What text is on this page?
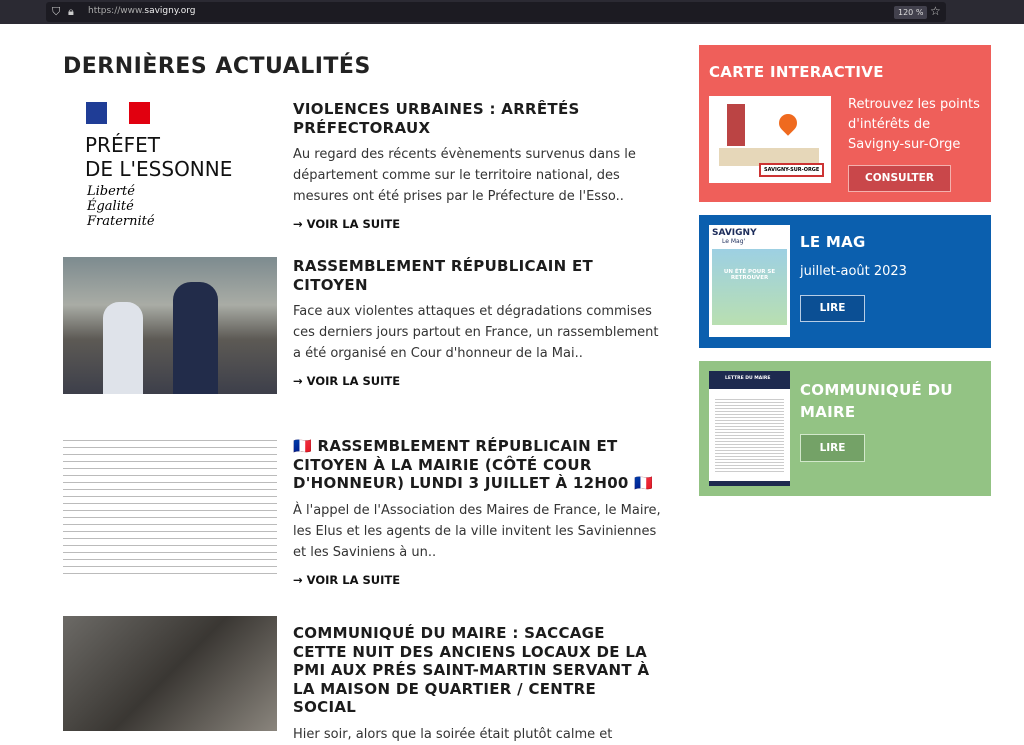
⛉ 🔒︎ https://www.savigny.org	120 % ☆
DERNIÈRES ACTUALITÉS
PRÉFET
DE L'ESSONNE
Liberté
Égalité
Fraternité
VIOLENCES URBAINES : ARRÊTÉS PRÉFECTORAUX
Au regard des récents évènements survenus dans le département comme sur le territoire national, des mesures ont été prises par le Préfecture de l'Esso..
→ VOIR LA SUITE
RASSEMBLEMENT RÉPUBLICAIN ET CITOYEN
Face aux violentes attaques et dégradations commises ces derniers jours partout en France, un rassemblement a été organisé en Cour d'honneur de la Mai..
→ VOIR LA SUITE
🇫🇷 RASSEMBLEMENT RÉPUBLICAIN ET CITOYEN À LA MAIRIE (CÔTÉ COUR D'HONNEUR) LUNDI 3 JUILLET À 12H00 🇫🇷
À l'appel de l'Association des Maires de France, le Maire, les Elus et les agents de la ville invitent les Saviniennes et les Saviniens à un..
→ VOIR LA SUITE
COMMUNIQUÉ DU MAIRE : SACCAGE CETTE NUIT DES ANCIENS LOCAUX DE LA PMI AUX PRÉS SAINT-MARTIN SERVANT À LA MAISON DE QUARTIER / CENTRE SOCIAL
Hier soir, alors que la soirée était plutôt calme et
CARTE INTERACTIVE
SAVIGNY-SUR-ORGE
Retrouvez les points d'intérêts de Savigny-sur-Orge
CONSULTER
SAVIGNY
Le Mag'
UN ÉTÉ POUR SE RETROUVER
LE MAG
juillet-août 2023
LIRE
LETTRE DU MAIRE
COMMUNIQUÉ DU MAIRE
LIRE
